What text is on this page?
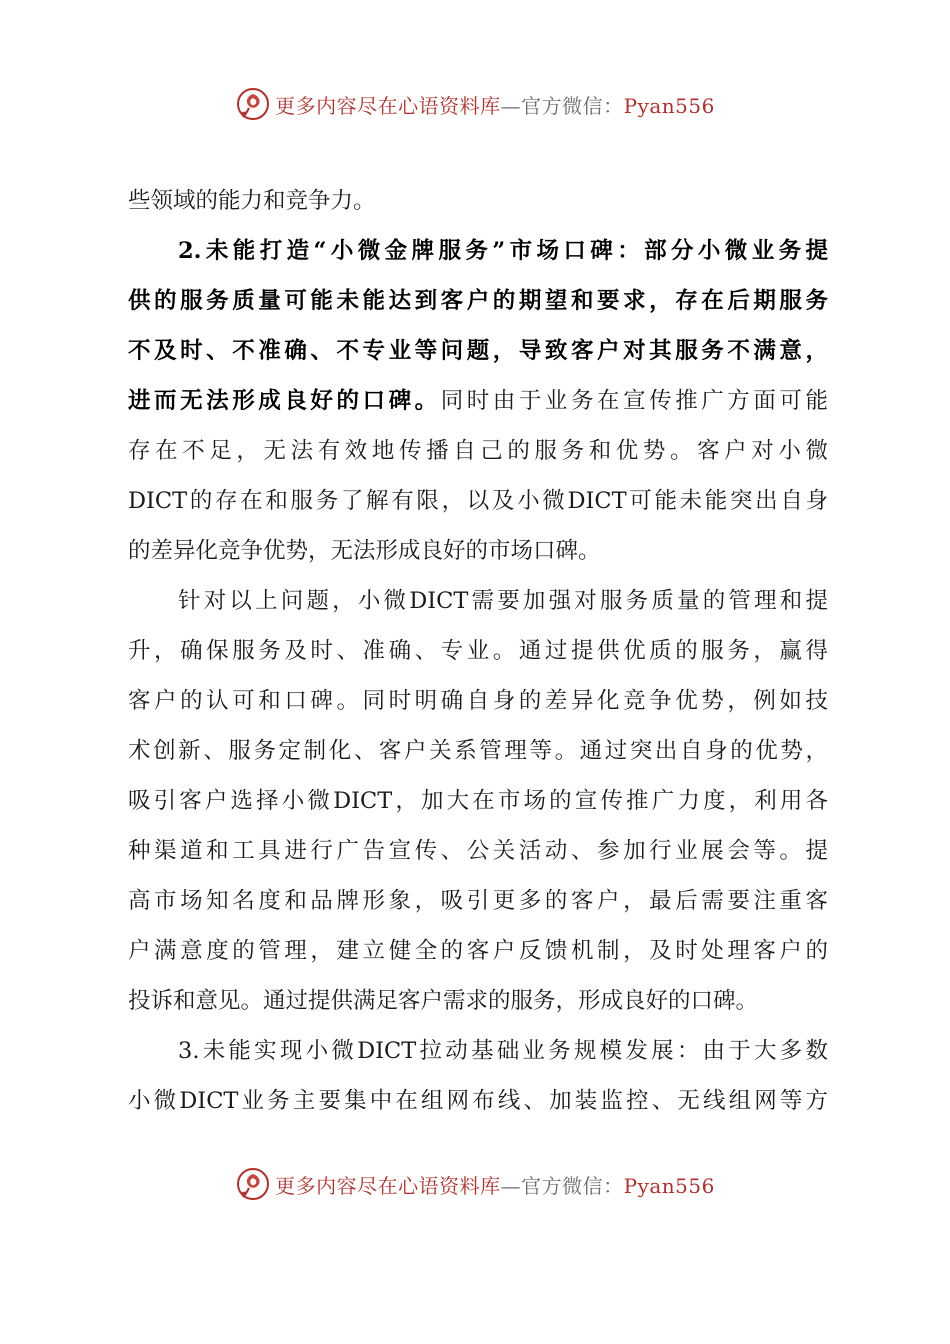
更多内容尽在心语资料库—官方微信：Pyan556
些领域的能力和竞争力。
2.未能打造“小微金牌服务”市场口碑：部分小微业务提
供的服务质量可能未能达到客户的期望和要求，存在后期服务
不及时、不准确、不专业等问题，导致客户对其服务不满意，
进而无法形成良好的口碑。同时由于业务在宣传推广方面可能
存在不足，无法有效地传播自己的服务和优势。客户对小微
DICT的存在和服务了解有限，以及小微DICT可能未能突出自身
的差异化竞争优势，无法形成良好的市场口碑。
针对以上问题，小微DICT需要加强对服务质量的管理和提
升，确保服务及时、准确、专业。通过提供优质的服务，赢得
客户的认可和口碑。同时明确自身的差异化竞争优势，例如技
术创新、服务定制化、客户关系管理等。通过突出自身的优势，
吸引客户选择小微DICT，加大在市场的宣传推广力度，利用各
种渠道和工具进行广告宣传、公关活动、参加行业展会等。提
高市场知名度和品牌形象，吸引更多的客户，最后需要注重客
户满意度的管理，建立健全的客户反馈机制，及时处理客户的
投诉和意见。通过提供满足客户需求的服务，形成良好的口碑。
3.未能实现小微DICT拉动基础业务规模发展：由于大多数
小微DICT业务主要集中在组网布线、加装监控、无线组网等方
更多内容尽在心语资料库—官方微信：Pyan556
